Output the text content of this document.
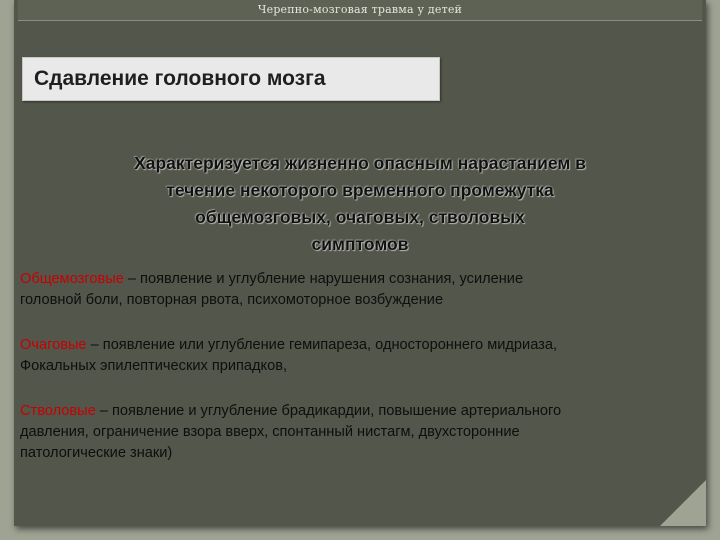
Черепно-мозговая травма у детей
Сдавление головного мозга

Характеризуется жизненно опасным нарастанием в
течение некоторого временного промежутка
общемозговых, очаговых, стволовых
симптомов

Общемозговые – появление и углубление нарушения сознания, усиление
головной боли, повторная рвота, психомоторное возбуждение

Очаговые – появление или углубление гемипареза, одностороннего мидриаза,
Фокальных эпилептических припадков,

Стволовые – появление и углубление брадикардии, повышение артериального
давления, ограничение взора вверх, спонтанный нистагм, двухсторонние
патологические знаки)
